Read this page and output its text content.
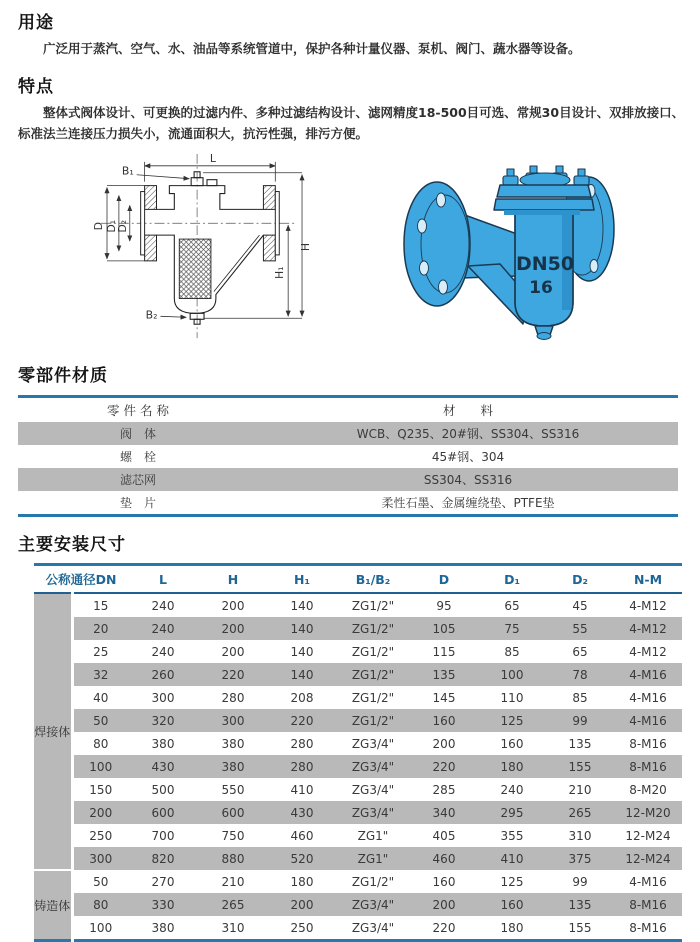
用途

广泛用于蒸汽、空气、水、油品等系统管道中，保护各种计量仪器、泵机、阀门、蔬水器等设备。

特点

整体式阀体设计、可更换的过滤内件、多种过滤结构设计、滤网精度18-500目可选、常规30目设计、双排放接口、标准法兰连接压力损失小，流通面积大，抗污性强，排污方便。

L
B₁
B₂
D D₁
D₂
H
H₁	DN50
16
零部件材质
零 件 名 称	材　　料
阀　体	WCB、Q235、20#钢、SS304、SS316
螺　栓	45#钢、304
滤芯网	SS304、SS316
垫　片	柔性石墨、金属缠绕垫、PTFE垫
主要安装尺寸
公称通径DN		L	H	H₁	B₁/B₂	D	D₁	D₂	N-M
焊接体	15	240	200	140	ZG1/2"	95	65	45	4-M12
	20	240	200	140	ZG1/2"	105	75	55	4-M12
	25	240	200	140	ZG1/2"	115	85	65	4-M12
	32	260	220	140	ZG1/2"	135	100	78	4-M16
	40	300	280	208	ZG1/2"	145	110	85	4-M16
	50	320	300	220	ZG1/2"	160	125	99	4-M16
	80	380	380	280	ZG3/4"	200	160	135	8-M16
	100	430	380	280	ZG3/4"	220	180	155	8-M16
	150	500	550	410	ZG3/4"	285	240	210	8-M20
	200	600	600	430	ZG3/4"	340	295	265	12-M20
	250	700	750	460	ZG1"	405	355	310	12-M24
	300	820	880	520	ZG1"	460	410	375	12-M24
铸造体	50	270	210	180	ZG1/2"	160	125	99	4-M16
	80	330	265	200	ZG3/4"	200	160	135	8-M16
	100	380	310	250	ZG3/4"	220	180	155	8-M16
